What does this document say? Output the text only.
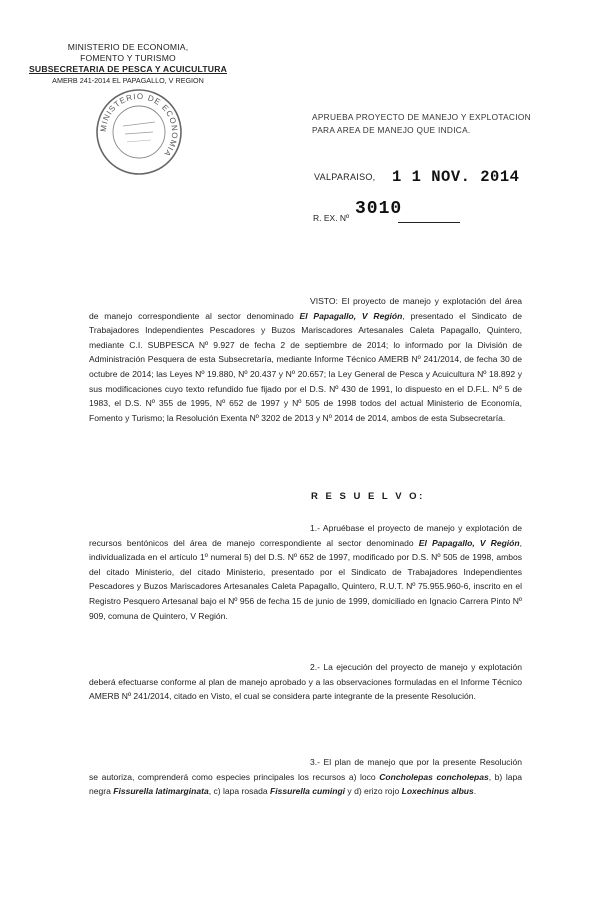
MINISTERIO DE ECONOMIA,
FOMENTO Y TURISMO
SUBSECRETARIA DE PESCA Y ACUICULTURA
AMERB 241-2014 EL PAPAGALLO, V REGION
MINISTERIO DE ECONOMIA
APRUEBA PROYECTO DE MANEJO Y EXPLOTACION
PARA AREA DE MANEJO QUE INDICA.
VALPARAISO, 1 1 NOV. 2014
R. EX. Nº 3010

VISTO: El proyecto de manejo y explotación del área de manejo correspondiente al sector denominado El Papagallo, V Región, presentado el Sindicato de Trabajadores Independientes Pescadores y Buzos Mariscadores Artesanales Caleta Papagallo, Quintero, mediante C.I. SUBPESCA Nº 9.927 de fecha 2 de septiembre de 2014; lo informado por la División de Administración Pesquera de esta Subsecretaría, mediante Informe Técnico AMERB Nº 241/2014, de fecha 30 de octubre de 2014; las Leyes Nº 19.880, Nº 20.437 y Nº 20.657; la Ley General de Pesca y Acuicultura Nº 18.892 y sus modificaciones cuyo texto refundido fue fijado por el D.S. Nº 430 de 1991, lo dispuesto en el D.F.L. Nº 5 de 1983, el D.S. Nº 355 de 1995, Nº 652 de 1997 y Nº 505 de 1998 todos del actual Ministerio de Economía, Fomento y Turismo; la Resolución Exenta Nº 3202 de 2013 y Nº 2014 de 2014, ambos de esta Subsecretaría.

R E S U E L V O:

1.- Apruébase el proyecto de manejo y explotación de recursos bentónicos del área de manejo correspondiente al sector denominado El Papagallo, V Región, individualizada en el artículo 1º numeral 5) del D.S. Nº 652 de 1997, modificado por D.S. Nº 505 de 1998, ambos del citado Ministerio, del citado Ministerio, presentado por el Sindicato de Trabajadores Independientes Pescadores y Buzos Mariscadores Artesanales Caleta Papagallo, Quintero, R.U.T. Nº 75.955.960-6, inscrito en el Registro Pesquero Artesanal bajo el Nº 956 de fecha 15 de junio de 1999, domiciliado en Ignacio Carrera Pinto Nº 909, comuna de Quintero, V Región.

2.- La ejecución del proyecto de manejo y explotación deberá efectuarse conforme al plan de manejo aprobado y a las observaciones formuladas en el Informe Técnico AMERB Nº 241/2014, citado en Visto, el cual se considera parte integrante de la presente Resolución.

3.- El plan de manejo que por la presente Resolución se autoriza, comprenderá como especies principales los recursos a) loco Concholepas concholepas, b) lapa negra Fissurella latimarginata, c) lapa rosada Fissurella cumingi y d) erizo rojo Loxechinus albus.
